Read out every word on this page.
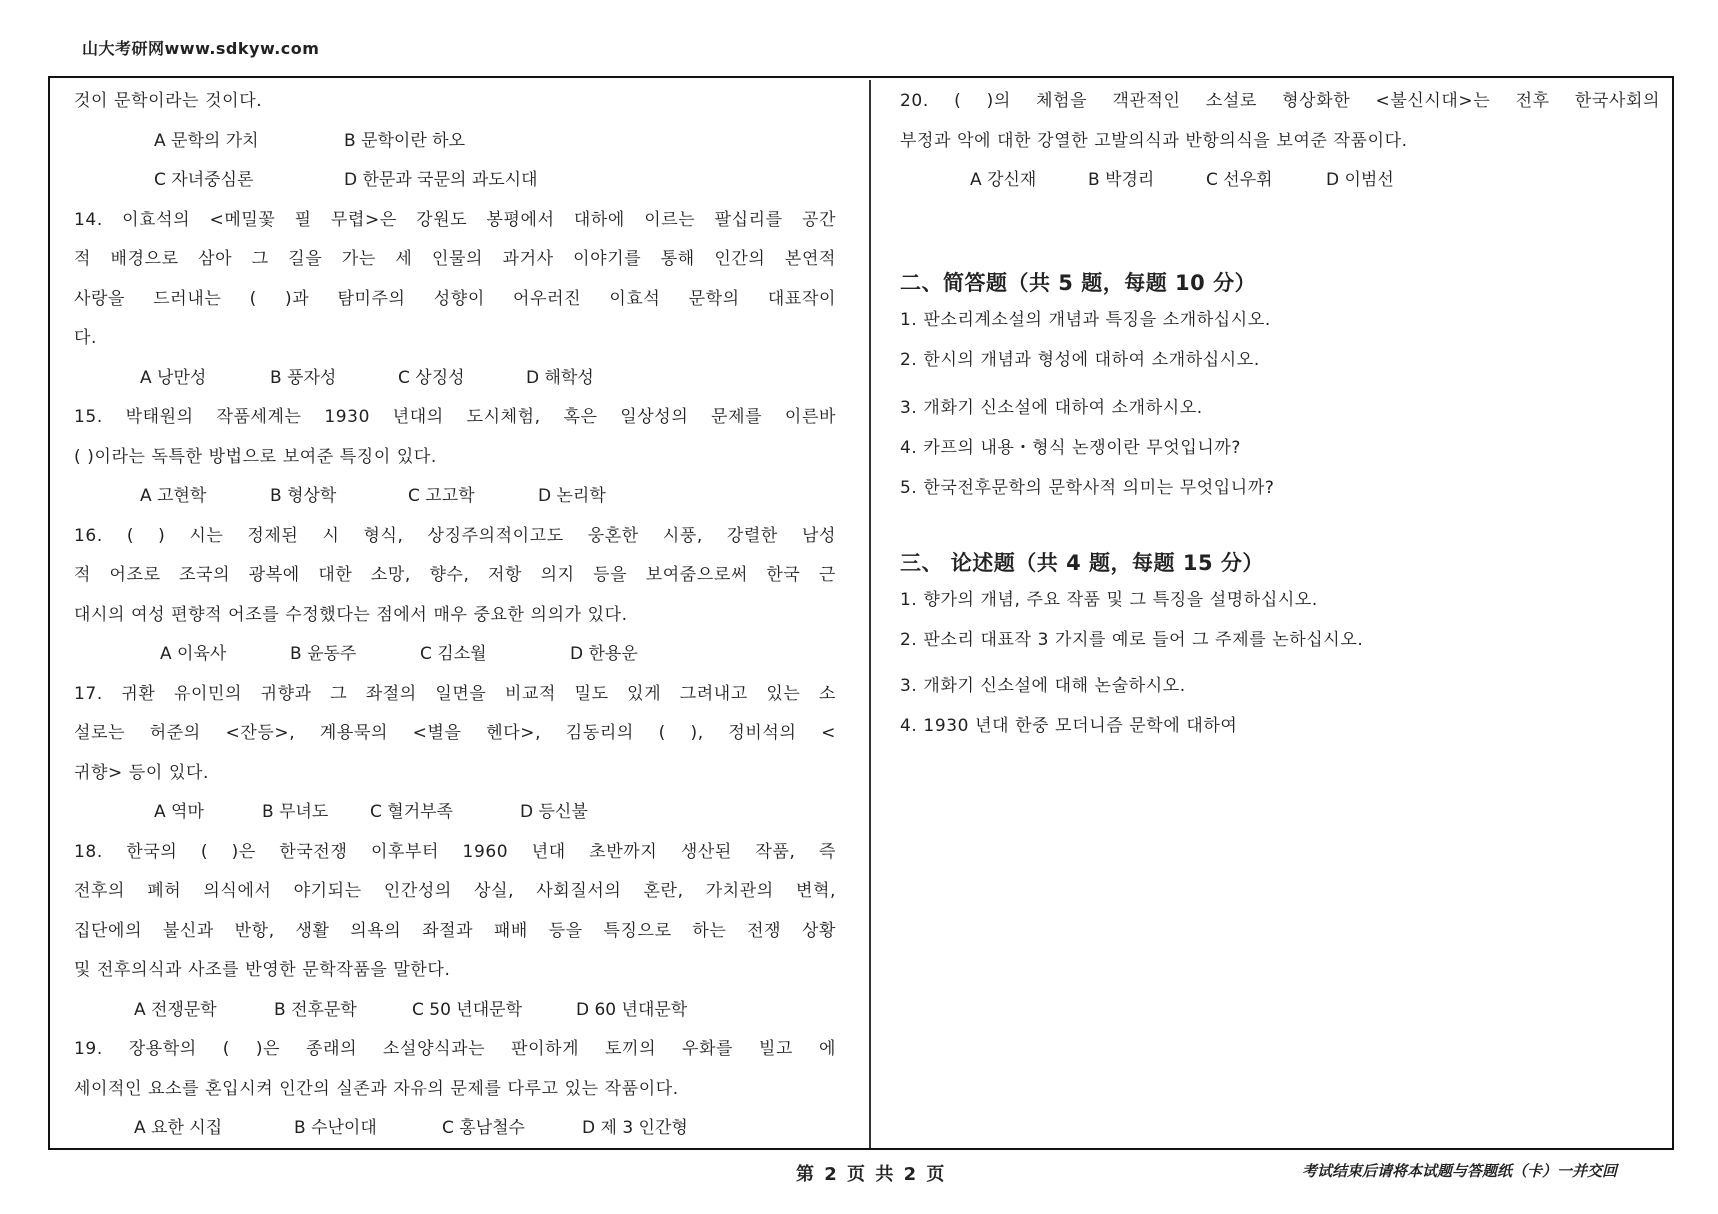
山大考研网www.sdkyw.com
것이 문학이라는 것이다.
A 문학의 가치	B 문학이란 하오
C 자녀중심론	D 한문과 국문의 과도시대
14. 이효석의 <메밀꽃 필 무렵>은 강원도 봉평에서 대하에 이르는 팔십리를 공간
적 배경으로 삼아 그 길을 가는 세 인물의 과거사 이야기를 통해 인간의 본연적
사랑을 드러내는 ( )과 탐미주의 성향이 어우러진 이효석 문학의 대표작이
다.
A 낭만성	B 풍자성	C 상징성	D 해학성
15. 박태원의 작품세계는 1930 년대의 도시체험, 혹은 일상성의 문제를 이른바
( )이라는 독특한 방법으로 보여준 특징이 있다.
A 고현학	B 형상학	C 고고학	D 논리학
16. ( ) 시는 정제된 시 형식, 상징주의적이고도 웅혼한 시풍, 강렬한 남성
적 어조로 조국의 광복에 대한 소망, 향수, 저항 의지 등을 보여줌으로써 한국 근
대시의 여성 편향적 어조를 수정했다는 점에서 매우 중요한 의의가 있다.
A 이육사	B 윤동주	C 김소월	D 한용운
17. 귀환 유이민의 귀향과 그 좌절의 일면을 비교적 밀도 있게 그려내고 있는 소
설로는 허준의 <잔등>, 계용묵의 <별을 헨다>, 김동리의 ( ), 정비석의 <
귀향> 등이 있다.
A 역마	B 무녀도	C 혈거부족	D 등신불
18. 한국의 ( )은 한국전쟁 이후부터 1960 년대 초반까지 생산된 작품, 즉
전후의 폐허 의식에서 야기되는 인간성의 상실, 사회질서의 혼란, 가치관의 변혁,
집단에의 불신과 반항, 생활 의욕의 좌절과 패배 등을 특징으로 하는 전쟁 상황
및 전후의식과 사조를 반영한 문학작품을 말한다.
A 전쟁문학	B 전후문학	C 50 년대문학	D 60 년대문학
19. 장용학의 ( )은 종래의 소설양식과는 판이하게 토끼의 우화를 빌고 에
세이적인 요소를 혼입시켜 인간의 실존과 자유의 문제를 다루고 있는 작품이다.
A 요한 시집	B 수난이대	C 홍남철수	D 제 3 인간형
20. ( )의 체험을 객관적인 소설로 형상화한 <불신시대>는 전후 한국사회의
부정과 악에 대한 강열한 고발의식과 반항의식을 보여준 작품이다.
A 강신재	B 박경리	C 선우휘	D 이범선
二、简答题（共 5 题，每题 10 分）
1. 판소리계소설의 개념과 특징을 소개하십시오.
2. 한시의 개념과 형성에 대하여 소개하십시오.
3. 개화기 신소설에 대하여 소개하시오.
4. 카프의 내용・형식 논쟁이란 무엇입니까?
5. 한국전후문학의 문학사적 의미는 무엇입니까?
三、 论述题（共 4 题，每题 15 分）
1. 향가의 개념, 주요 작품 및 그 특징을 설명하십시오.
2. 판소리 대표작 3 가지를 예로 들어 그 주제를 논하십시오.
3. 개화기 신소설에 대해 논술하시오.
4. 1930 년대 한중 모더니즘 문학에 대하여
第 2 页 共 2 页	考试结束后请将本试题与答题纸（卡）一并交回
